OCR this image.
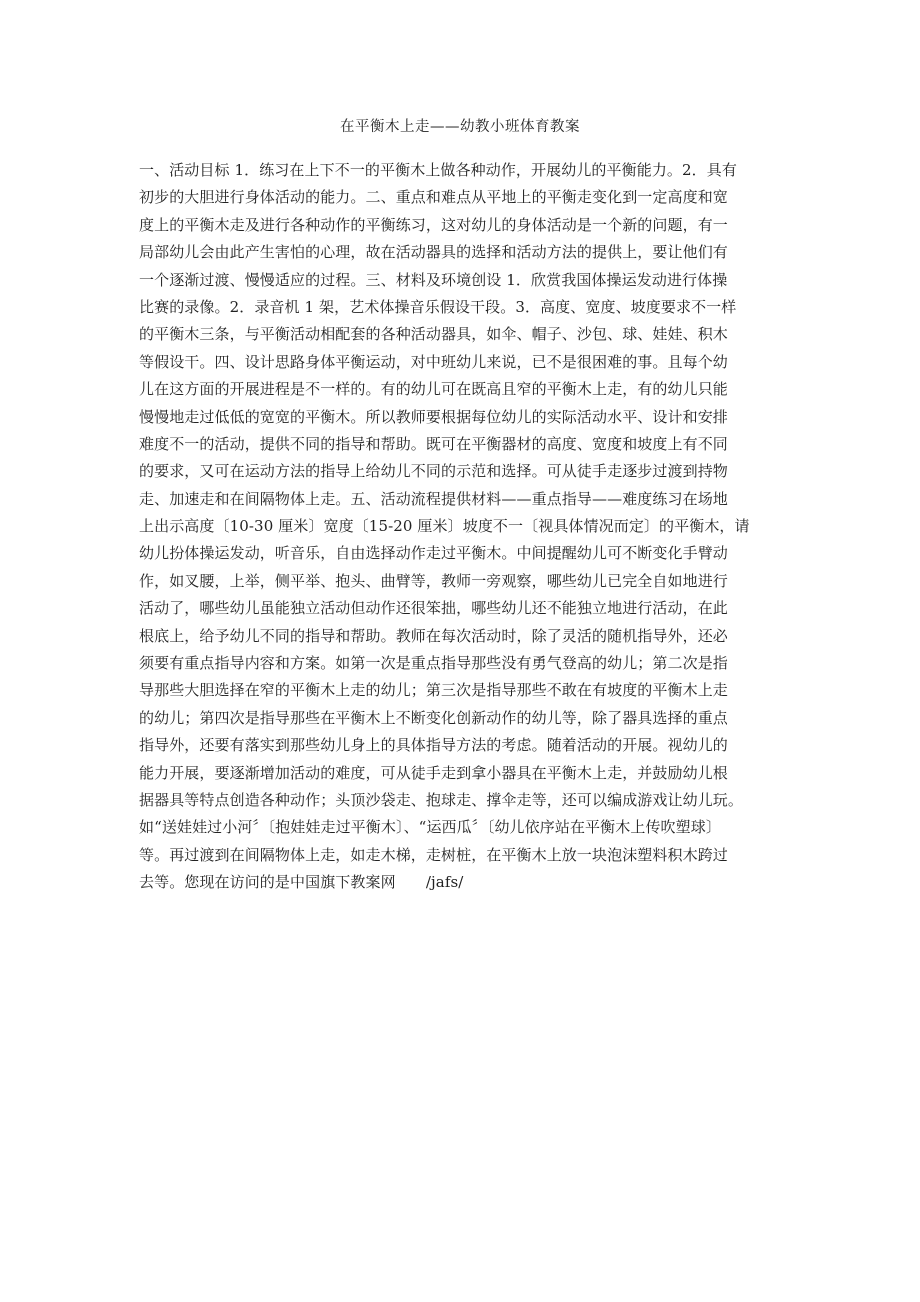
在平衡木上走——幼教小班体育教案
一、活动目标 1．练习在上下不一的平衡木上做各种动作，开展幼儿的平衡能力。2．具有
初步的大胆进行身体活动的能力。二、重点和难点从平地上的平衡走变化到一定高度和宽
度上的平衡木走及进行各种动作的平衡练习，这对幼儿的身体活动是一个新的问题，有一
局部幼儿会由此产生害怕的心理，故在活动器具的选择和活动方法的提供上，要让他们有
一个逐渐过渡、慢慢适应的过程。三、材料及环境创设 1．欣赏我国体操运发动进行体操
比赛的录像。2．录音机 1 架，艺术体操音乐假设干段。3．高度、宽度、坡度要求不一样
的平衡木三条，与平衡活动相配套的各种活动器具，如伞、帽子、沙包、球、娃娃、积木
等假设干。四、设计思路身体平衡运动，对中班幼儿来说，已不是很困难的事。且每个幼
儿在这方面的开展进程是不一样的。有的幼儿可在既高且窄的平衡木上走，有的幼儿只能
慢慢地走过低低的宽宽的平衡木。所以教师要根据每位幼儿的实际活动水平、设计和安排
难度不一的活动，提供不同的指导和帮助。既可在平衡器材的高度、宽度和坡度上有不同
的要求，又可在运动方法的指导上给幼儿不同的示范和选择。可从徒手走逐步过渡到持物
走、加速走和在间隔物体上走。五、活动流程提供材料——重点指导——难度练习在场地
上出示高度〔10-30 厘米〕宽度〔15-20 厘米〕坡度不一〔视具体情况而定〕的平衡木，请
幼儿扮体操运发动，听音乐，自由选择动作走过平衡木。中间提醒幼儿可不断变化手臂动
作，如叉腰，上举，侧平举、抱头、曲臂等，教师一旁观察，哪些幼儿已完全自如地进行
活动了，哪些幼儿虽能独立活动但动作还很笨拙，哪些幼儿还不能独立地进行活动，在此
根底上，给予幼儿不同的指导和帮助。教师在每次活动时，除了灵活的随机指导外，还必
须要有重点指导内容和方案。如第一次是重点指导那些没有勇气登高的幼儿；第二次是指
导那些大胆选择在窄的平衡木上走的幼儿；第三次是指导那些不敢在有坡度的平衡木上走
的幼儿；第四次是指导那些在平衡木上不断变化创新动作的幼儿等，除了器具选择的重点
指导外，还要有落实到那些幼儿身上的具体指导方法的考虑。随着活动的开展。视幼儿的
能力开展，要逐渐增加活动的难度，可从徒手走到拿小器具在平衡木上走，并鼓励幼儿根
据器具等特点创造各种动作；头顶沙袋走、抱球走、撑伞走等，还可以编成游戏让幼儿玩。
如“送娃娃过小河〞〔抱娃娃走过平衡木〕、“运西瓜〞〔幼儿依序站在平衡木上传吹塑球〕
等。再过渡到在间隔物体上走，如走木梯，走树桩，在平衡木上放一块泡沫塑料积木跨过
去等。您现在访问的是中国旗下教案网　　/jafs/
